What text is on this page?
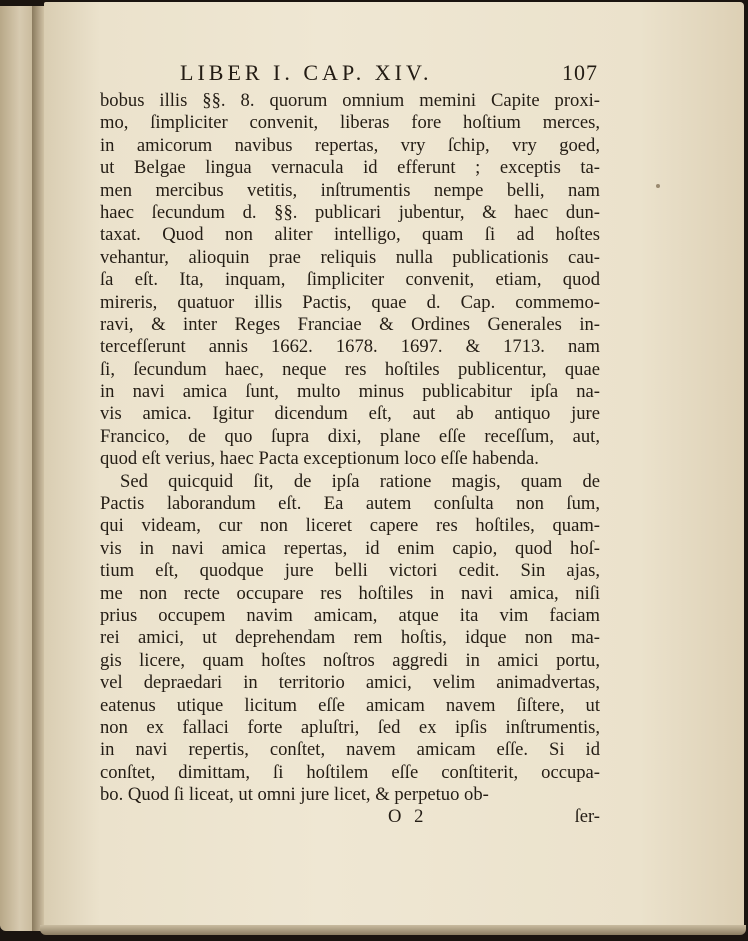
LIBER I. CAP. XIV.	107
bobus illis §§. 8. quorum omnium memini Capite proxi-
mo, ſimpliciter convenit, liberas fore hoſtium merces,
in amicorum navibus repertas, vry ſchip, vry goed,
ut Belgae lingua vernacula id efferunt ; exceptis ta-
men mercibus vetitis, inſtrumentis nempe belli, nam
haec ſecundum d. §§. publicari jubentur, & haec dun-
taxat. Quod non aliter intelligo, quam ſi ad hoſtes
vehantur, alioquin prae reliquis nulla publicationis cau-
ſa eſt. Ita, inquam, ſimpliciter convenit, etiam, quod
mireris, quatuor illis Pactis, quae d. Cap. commemo-
ravi, & inter Reges Franciae & Ordines Generales in-
tercefſerunt annis 1662. 1678. 1697. & 1713. nam
ſi, ſecundum haec, neque res hoſtiles publicentur, quae
in navi amica ſunt, multo minus publicabitur ipſa na-
vis amica. Igitur dicendum eſt, aut ab antiquo jure
Francico, de quo ſupra dixi, plane eſſe receſſum, aut,
quod eſt verius, haec Pacta exceptionum loco eſſe habenda.
Sed quicquid ſit, de ipſa ratione magis, quam de
Pactis laborandum eſt. Ea autem conſulta non ſum,
qui videam, cur non liceret capere res hoſtiles, quam-
vis in navi amica repertas, id enim capio, quod hoſ-
tium eſt, quodque jure belli victori cedit. Sin ajas,
me non recte occupare res hoſtiles in navi amica, niſi
prius occupem navim amicam, atque ita vim faciam
rei amici, ut deprehendam rem hoſtis, idque non ma-
gis licere, quam hoſtes noſtros aggredi in amici portu,
vel depraedari in territorio amici, velim animadvertas,
eatenus utique licitum eſſe amicam navem ſiſtere, ut
non ex fallaci forte apluſtri, ſed ex ipſis inſtrumentis,
in navi repertis, conſtet, navem amicam eſſe. Si id
conſtet, dimittam, ſi hoſtilem eſſe conſtiterit, occupa-
bo. Quod ſi liceat, ut omni jure licet, & perpetuo ob-
O 2	ſer-
